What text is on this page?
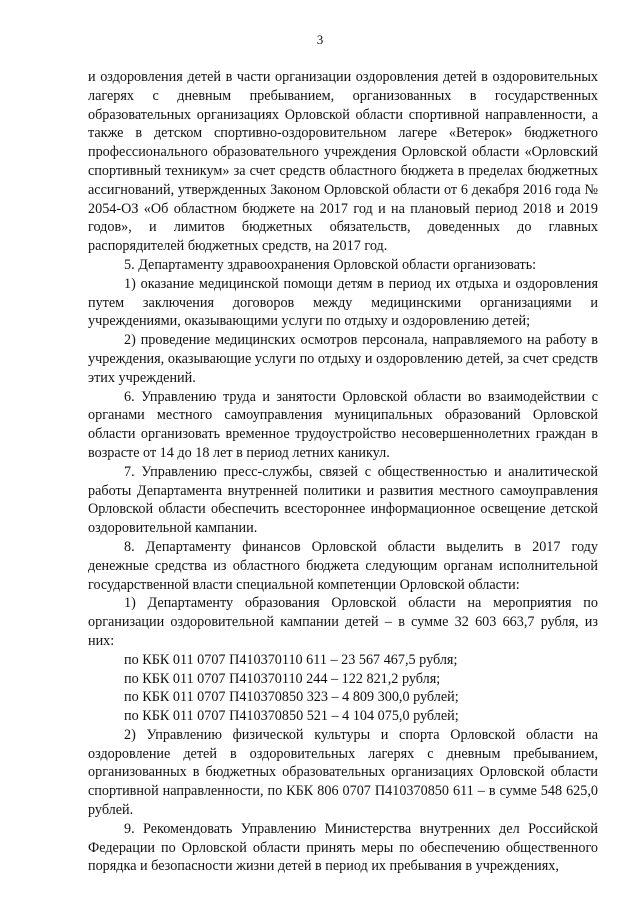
3

и оздоровления детей в части организации оздоровления детей в оздоровительных лагерях с дневным пребыванием, организованных в государственных образовательных организациях Орловской области спортивной направленности, а также в детском спортивно-оздоровительном лагере «Ветерок» бюджетного профессионального образовательного учреждения Орловской области «Орловский спортивный техникум» за счет средств областного бюджета в пределах бюджетных ассигнований, утвержденных Законом Орловской области от 6 декабря 2016 года № 2054-ОЗ «Об областном бюджете на 2017 год и на плановый период 2018 и 2019 годов», и лимитов бюджетных обязательств, доведенных до главных распорядителей бюджетных средств, на 2017 год.

5. Департаменту здравоохранения Орловской области организовать:

1) оказание медицинской помощи детям в период их отдыха и оздоровления путем заключения договоров между медицинскими организациями и учреждениями, оказывающими услуги по отдыху и оздоровлению детей;

2) проведение медицинских осмотров персонала, направляемого на работу в учреждения, оказывающие услуги по отдыху и оздоровлению детей, за счет средств этих учреждений.

6. Управлению труда и занятости Орловской области во взаимодействии с органами местного самоуправления муниципальных образований Орловской области организовать временное трудоустройство несовершеннолетних граждан в возрасте от 14 до 18 лет в период летних каникул.

7. Управлению пресс-службы, связей с общественностью и аналитической работы Департамента внутренней политики и развития местного самоуправления Орловской области обеспечить всестороннее информационное освещение детской оздоровительной кампании.

8. Департаменту финансов Орловской области выделить в 2017 году денежные средства из областного бюджета следующим органам исполнительной государственной власти специальной компетенции Орловской области:

1) Департаменту образования Орловской области на мероприятия по организации оздоровительной кампании детей – в сумме 32 603 663,7 рубля, из них:

по КБК 011 0707 П410370110 611 – 23 567 467,5 рубля;

по КБК 011 0707 П410370110 244 – 122 821,2 рубля;

по КБК 011 0707 П410370850 323 – 4 809 300,0 рублей;

по КБК 011 0707 П410370850 521 – 4 104 075,0 рублей;

2) Управлению физической культуры и спорта Орловской области на оздоровление детей в оздоровительных лагерях с дневным пребыванием, организованных в бюджетных образовательных организациях Орловской области спортивной направленности, по КБК 806 0707 П410370850 611 – в сумме 548 625,0 рублей.

9. Рекомендовать Управлению Министерства внутренних дел Российской Федерации по Орловской области принять меры по обеспечению общественного порядка и безопасности жизни детей в период их пребывания в учреждениях,
